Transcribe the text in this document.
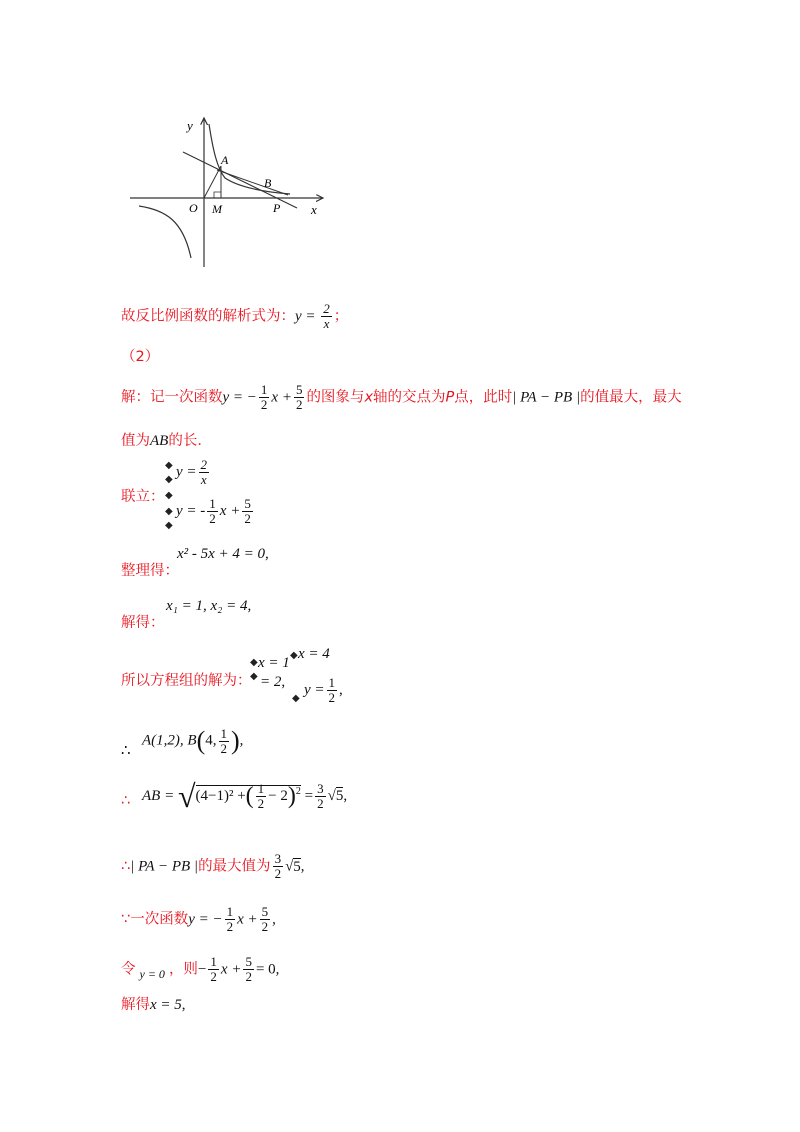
y
x
O
A
B
M	P
故反比例函数的解析式为：$y = \frac{2}{x}$ ；
（2）
解：记一次函数y = − $\frac{1}{2}$ $x + \frac{5}{2}$ 的图象与x轴的交点为P点，此时| PA − PB |的值最大，最大
值为AB的长．
联立：
◆
◆
◆
◆
◆
$y = \frac{2}{x}$
y = - $\frac{1}{2}$ $x + \frac{5}{2}$
整理得：
x² - 5x + 4 = 0,
解得：
x₁ = 1, x₂ = 4,
所以方程组的解为：
◆
◆
x = 1
= 2,
◆
◆
x = 4
$y = \frac{1}{2}$ ,
∴
A(1,2), B(4, $\frac{1}{2}$ ),
∴ AB = √(4−1)² +( $\frac{1}{2} - 2)^2 = \frac{3}{2} √5$,
∴| PA − PB |的最大值为 $\frac{3}{2} √5$,
∵一次函数y = − $\frac{1}{2}$ $x + \frac{5}{2}$ ,
令 $_{y = 0}$ ，则− $\frac{1}{2}$ $x + \frac{5}{2} = 0$,
解得x = 5,
